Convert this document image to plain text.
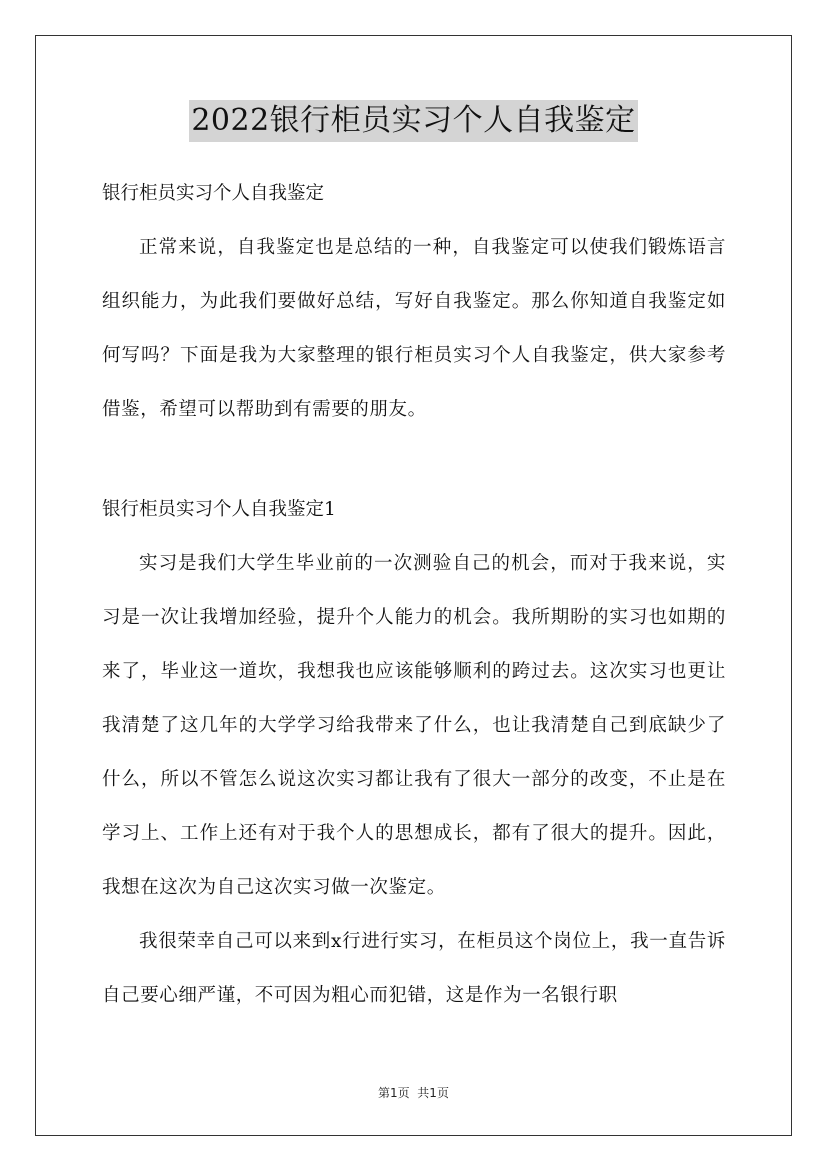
2022银行柜员实习个人自我鉴定

银行柜员实习个人自我鉴定

正常来说，自我鉴定也是总结的一种，自我鉴定可以使我们锻炼语言组织能力，为此我们要做好总结，写好自我鉴定。那么你知道自我鉴定如何写吗？下面是我为大家整理的银行柜员实习个人自我鉴定，供大家参考借鉴，希望可以帮助到有需要的朋友。

银行柜员实习个人自我鉴定1

实习是我们大学生毕业前的一次测验自己的机会，而对于我来说，实习是一次让我增加经验，提升个人能力的机会。我所期盼的实习也如期的来了，毕业这一道坎，我想我也应该能够顺利的跨过去。这次实习也更让我清楚了这几年的大学学习给我带来了什么，也让我清楚自己到底缺少了什么，所以不管怎么说这次实习都让我有了很大一部分的改变，不止是在学习上、工作上还有对于我个人的思想成长，都有了很大的提升。因此，我想在这次为自己这次实习做一次鉴定。

我很荣幸自己可以来到x行进行实习，在柜员这个岗位上，我一直告诉自己要心细严谨，不可因为粗心而犯错，这是作为一名银行职

第1页  共1页
